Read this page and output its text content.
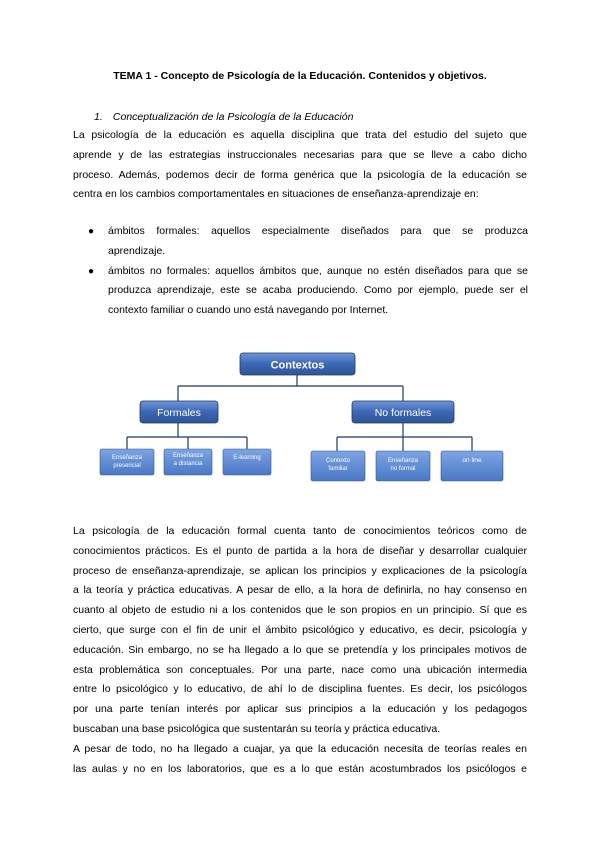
TEMA 1 - Concepto de Psicología de la Educación. Contenidos y objetivos.
1. Conceptualización de la Psicología de la Educación
La psicología de la educación es aquella disciplina que trata del estudio del sujeto que
aprende y de las estrategias instruccionales necesarias para que se lleve a cabo dicho
proceso. Además, podemos decir de forma genérica que la psicología de la educación se
centra en los cambios comportamentales en situaciones de enseñanza-aprendizaje en:
● ámbitos formales: aquellos especialmente diseñados para que se produzca
aprendizaje.
● ámbitos no formales: aquellos ámbitos que, aunque no estén diseñados para que se
produzca aprendizaje, este se acaba produciendo. Como por ejemplo, puede ser el
contexto familiar o cuando uno está navegando por Internet.
Contextos
Formales	No formales
Enseñanza
presencial
Enseñanza
a distancia
E-learning	Contexto
familiar
Enseñanza
no formal
on line
La psicología de la educación formal cuenta tanto de conocimientos teóricos como de
conocimientos prácticos. Es el punto de partida a la hora de diseñar y desarrollar cualquier
proceso de enseñanza-aprendizaje, se aplican los principios y explicaciones de la psicología
a la teoría y práctica educativas. A pesar de ello, a la hora de definirla, no hay consenso en
cuanto al objeto de estudio ni a los contenidos que le son propios en un principio. Sí que es
cierto, que surge con el fin de unir el ámbito psicológico y educativo, es decir, psicología y
educación. Sin embargo, no se ha llegado a lo que se pretendía y los principales motivos de
esta problemática son conceptuales. Por una parte, nace como una ubicación intermedia
entre lo psicológico y lo educativo, de ahí lo de disciplina fuentes. Es decir, los psicólogos
por una parte tenían interés por aplicar sus principios a la educación y los pedagogos
buscaban una base psicológica que sustentarán su teoría y práctica educativa.
A pesar de todo, no ha llegado a cuajar, ya que la educación necesita de teorías reales en
las aulas y no en los laboratorios, que es a lo que están acostumbrados los psicólogos e
